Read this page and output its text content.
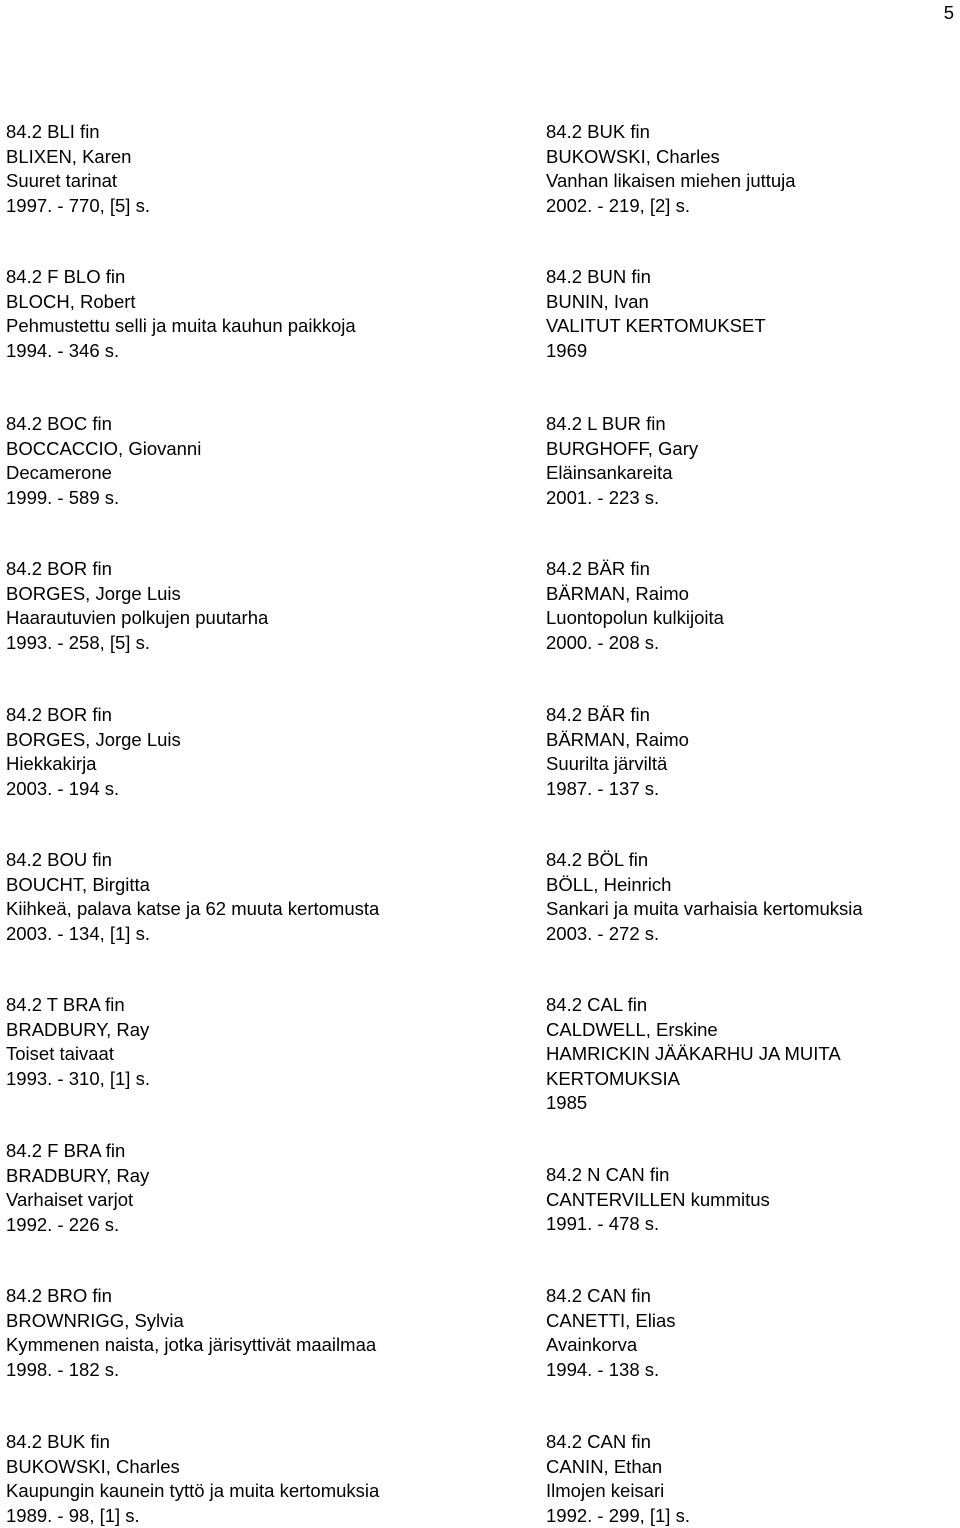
5
84.2 BLI fin
BLIXEN, Karen
Suuret tarinat
1997. - 770, [5] s.
84.2 F BLO fin
BLOCH, Robert
Pehmustettu selli ja muita kauhun paikkoja
1994. - 346 s.
84.2 BOC fin
BOCCACCIO, Giovanni
Decamerone
1999. - 589 s.
84.2 BOR fin
BORGES, Jorge Luis
Haarautuvien polkujen puutarha
1993. - 258, [5] s.
84.2 BOR fin
BORGES, Jorge Luis
Hiekkakirja
2003. - 194 s.
84.2 BOU fin
BOUCHT, Birgitta
Kiihkeä, palava katse ja 62 muuta kertomusta
2003. - 134, [1] s.
84.2 T BRA fin
BRADBURY, Ray
Toiset taivaat
1993. - 310, [1] s.
84.2 F BRA fin
BRADBURY, Ray
Varhaiset varjot
1992. - 226 s.
84.2 BRO fin
BROWNRIGG, Sylvia
Kymmenen naista, jotka järisyttivät maailmaa
1998. - 182 s.
84.2 BUK fin
BUKOWSKI, Charles
Kaupungin kaunein tyttö ja muita kertomuksia
1989. - 98, [1] s.
84.2 BUK fin
BUKOWSKI, Charles
Vanhan likaisen miehen juttuja
2002. - 219, [2] s.
84.2 BUN fin
BUNIN, Ivan
VALITUT KERTOMUKSET
1969
84.2 L BUR fin
BURGHOFF, Gary
Eläinsankareita
2001. - 223 s.
84.2 BÄR fin
BÄRMAN, Raimo
Luontopolun kulkijoita
2000. - 208 s.
84.2 BÄR fin
BÄRMAN, Raimo
Suurilta järviltä
1987. - 137 s.
84.2 BÖL fin
BÖLL, Heinrich
Sankari ja muita varhaisia kertomuksia
2003. - 272 s.
84.2 CAL fin
CALDWELL, Erskine
HAMRICKIN JÄÄKARHU JA MUITA
KERTOMUKSIA
1985
84.2 N CAN fin
CANTERVILLEN kummitus
1991. - 478 s.
84.2 CAN fin
CANETTI, Elias
Avainkorva
1994. - 138 s.
84.2 CAN fin
CANIN, Ethan
Ilmojen keisari
1992. - 299, [1] s.
